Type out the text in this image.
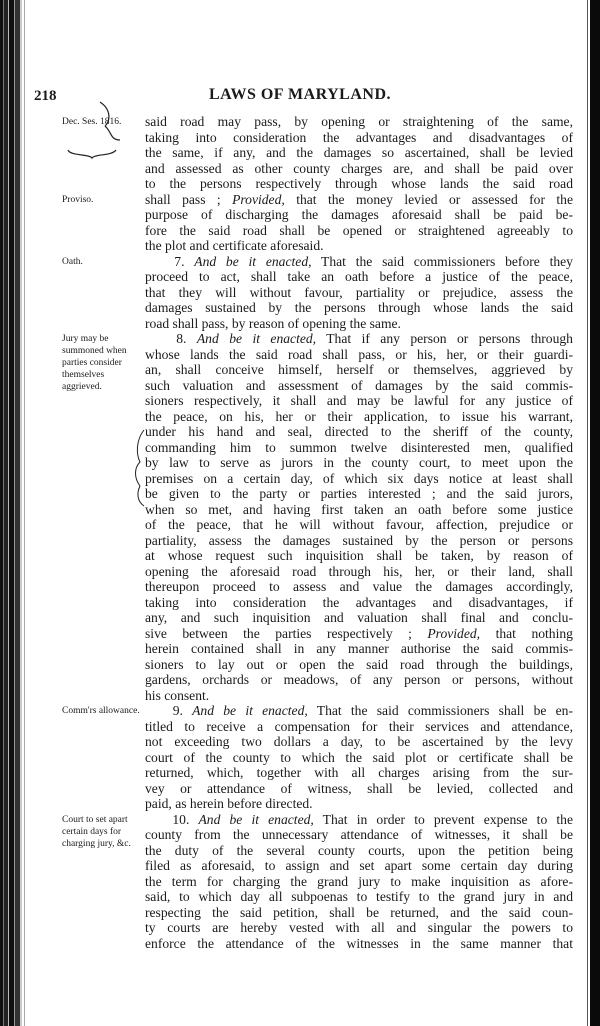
218	LAWS OF MARYLAND.
Dec. Ses. 1816.
Proviso.
Oath.
Jury may be summoned when parties consider themselves aggrieved.
Comm'rs allowance.
Court to set apart certain days for charging jury, &c.
said road may pass, by opening or straightening of the same,
taking into consideration the advantages and disadvantages of
the same, if any, and the damages so ascertained, shall be levied
and assessed as other county charges are, and shall be paid over
to the persons respectively through whose lands the said road
shall pass ; Provided, that the money levied or assessed for the
purpose of discharging the damages aforesaid shall be paid be-
fore the said road shall be opened or straightened agreeably to
the plot and certificate aforesaid.
7. And be it enacted, That the said commissioners before they
proceed to act, shall take an oath before a justice of the peace,
that they will without favour, partiality or prejudice, assess the
damages sustained by the persons through whose lands the said
road shall pass, by reason of opening the same.
8. And be it enacted, That if any person or persons through
whose lands the said road shall pass, or his, her, or their guardi-
an, shall conceive himself, herself or themselves, aggrieved by
such valuation and assessment of damages by the said commis-
sioners respectively, it shall and may be lawful for any justice of
the peace, on his, her or their application, to issue his warrant,
under his hand and seal, directed to the sheriff of the county,
commanding him to summon twelve disinterested men, qualified
by law to serve as jurors in the county court, to meet upon the
premises on a certain day, of which six days notice at least shall
be given to the party or parties interested ; and the said jurors,
when so met, and having first taken an oath before some justice
of the peace, that he will without favour, affection, prejudice or
partiality, assess the damages sustained by the person or persons
at whose request such inquisition shall be taken, by reason of
opening the aforesaid road through his, her, or their land, shall
thereupon proceed to assess and value the damages accordingly,
taking into consideration the advantages and disadvantages, if
any, and such inquisition and valuation shall final and conclu-
sive between the parties respectively ; Provided, that nothing
herein contained shall in any manner authorise the said commis-
sioners to lay out or open the said road through the buildings,
gardens, orchards or meadows, of any person or persons, without
his consent.
9. And be it enacted, That the said commissioners shall be en-
titled to receive a compensation for their services and attendance,
not exceeding two dollars a day, to be ascertained by the levy
court of the county to which the said plot or certificate shall be
returned, which, together with all charges arising from the sur-
vey or attendance of witness, shall be levied, collected and
paid, as herein before directed.
10. And be it enacted, That in order to prevent expense to the
county from the unnecessary attendance of witnesses, it shall be
the duty of the several county courts, upon the petition being
filed as aforesaid, to assign and set apart some certain day during
the term for charging the grand jury to make inquisition as afore-
said, to which day all subpoenas to testify to the grand jury in and
respecting the said petition, shall be returned, and the said coun-
ty courts are hereby vested with all and singular the powers to
enforce the attendance of the witnesses in the same manner that
